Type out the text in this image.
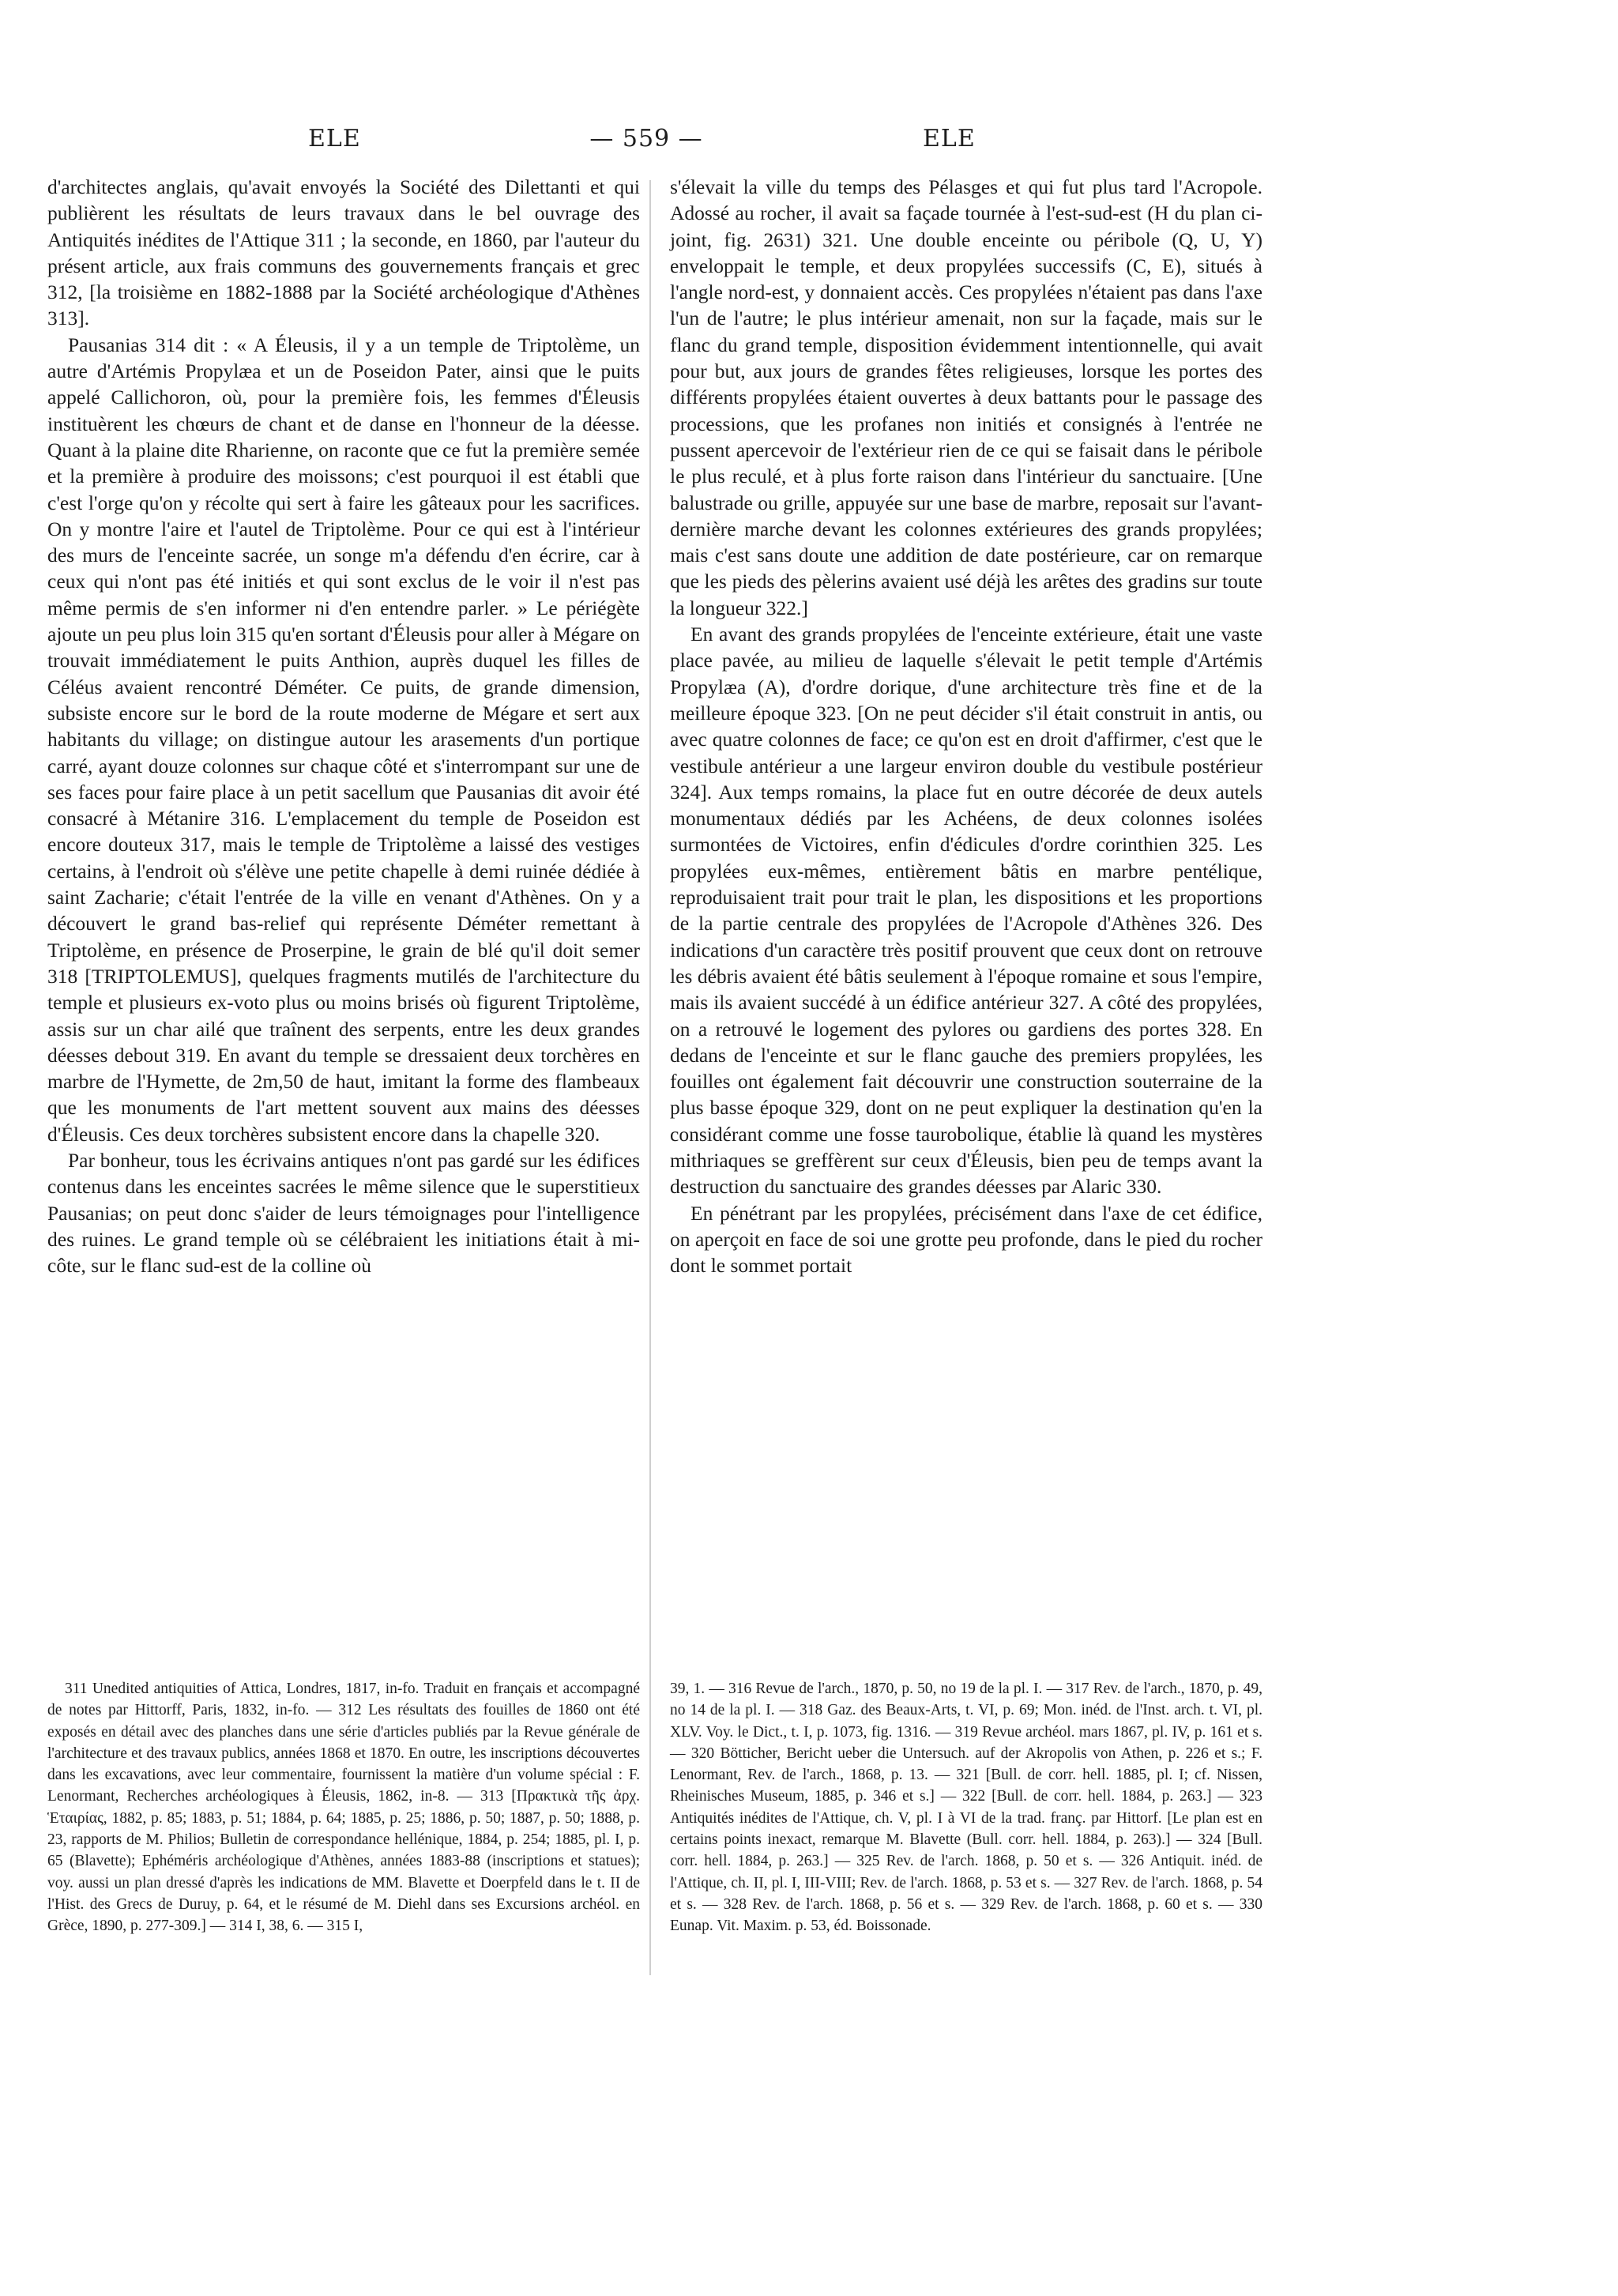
ELE	— 559 —	ELE

d'architectes anglais, qu'avait envoyés la Société des Dilettanti et qui publièrent les résultats de leurs travaux dans le bel ouvrage des Antiquités inédites de l'Attique 311 ; la seconde, en 1860, par l'auteur du présent article, aux frais communs des gouvernements français et grec 312, [la troisième en 1882-1888 par la Société archéologique d'Athènes 313].

Pausanias 314 dit : « A Éleusis, il y a un temple de Triptolème, un autre d'Artémis Propylæa et un de Poseidon Pater, ainsi que le puits appelé Callichoron, où, pour la première fois, les femmes d'Éleusis instituèrent les chœurs de chant et de danse en l'honneur de la déesse. Quant à la plaine dite Rharienne, on raconte que ce fut la première semée et la première à produire des moissons; c'est pourquoi il est établi que c'est l'orge qu'on y récolte qui sert à faire les gâteaux pour les sacrifices. On y montre l'aire et l'autel de Triptolème. Pour ce qui est à l'intérieur des murs de l'enceinte sacrée, un songe m'a défendu d'en écrire, car à ceux qui n'ont pas été initiés et qui sont exclus de le voir il n'est pas même permis de s'en informer ni d'en entendre parler. » Le périégète ajoute un peu plus loin 315 qu'en sortant d'Éleusis pour aller à Mégare on trouvait immédiatement le puits Anthion, auprès duquel les filles de Céléus avaient rencontré Déméter. Ce puits, de grande dimension, subsiste encore sur le bord de la route moderne de Mégare et sert aux habitants du village; on distingue autour les arasements d'un portique carré, ayant douze colonnes sur chaque côté et s'interrompant sur une de ses faces pour faire place à un petit sacellum que Pausanias dit avoir été consacré à Métanire 316. L'emplacement du temple de Poseidon est encore douteux 317, mais le temple de Triptolème a laissé des vestiges certains, à l'endroit où s'élève une petite chapelle à demi ruinée dédiée à saint Zacharie; c'était l'entrée de la ville en venant d'Athènes. On y a découvert le grand bas-relief qui représente Déméter remettant à Triptolème, en présence de Proserpine, le grain de blé qu'il doit semer 318 [TRIPTOLEMUS], quelques fragments mutilés de l'architecture du temple et plusieurs ex-voto plus ou moins brisés où figurent Triptolème, assis sur un char ailé que traînent des serpents, entre les deux grandes déesses debout 319. En avant du temple se dressaient deux torchères en marbre de l'Hymette, de 2m,50 de haut, imitant la forme des flambeaux que les monuments de l'art mettent souvent aux mains des déesses d'Éleusis. Ces deux torchères subsistent encore dans la chapelle 320.

Par bonheur, tous les écrivains antiques n'ont pas gardé sur les édifices contenus dans les enceintes sacrées le même silence que le superstitieux Pausanias; on peut donc s'aider de leurs témoignages pour l'intelligence des ruines. Le grand temple où se célébraient les initiations était à mi-côte, sur le flanc sud-est de la colline où

s'élevait la ville du temps des Pélasges et qui fut plus tard l'Acropole. Adossé au rocher, il avait sa façade tournée à l'est-sud-est (H du plan ci-joint, fig. 2631) 321. Une double enceinte ou péribole (Q, U, Y) enveloppait le temple, et deux propylées successifs (C, E), situés à l'angle nord-est, y donnaient accès. Ces propylées n'étaient pas dans l'axe l'un de l'autre; le plus intérieur amenait, non sur la façade, mais sur le flanc du grand temple, disposition évidemment intentionnelle, qui avait pour but, aux jours de grandes fêtes religieuses, lorsque les portes des différents propylées étaient ouvertes à deux battants pour le passage des processions, que les profanes non initiés et consignés à l'entrée ne pussent apercevoir de l'extérieur rien de ce qui se faisait dans le péribole le plus reculé, et à plus forte raison dans l'intérieur du sanctuaire. [Une balustrade ou grille, appuyée sur une base de marbre, reposait sur l'avant-dernière marche devant les colonnes extérieures des grands propylées; mais c'est sans doute une addition de date postérieure, car on remarque que les pieds des pèlerins avaient usé déjà les arêtes des gradins sur toute la longueur 322.]

En avant des grands propylées de l'enceinte extérieure, était une vaste place pavée, au milieu de laquelle s'élevait le petit temple d'Artémis Propylæa (A), d'ordre dorique, d'une architecture très fine et de la meilleure époque 323. [On ne peut décider s'il était construit in antis, ou avec quatre colonnes de face; ce qu'on est en droit d'affirmer, c'est que le vestibule antérieur a une largeur environ double du vestibule postérieur 324]. Aux temps romains, la place fut en outre décorée de deux autels monumentaux dédiés par les Achéens, de deux colonnes isolées surmontées de Victoires, enfin d'édicules d'ordre corinthien 325. Les propylées eux-mêmes, entièrement bâtis en marbre pentélique, reproduisaient trait pour trait le plan, les dispositions et les proportions de la partie centrale des propylées de l'Acropole d'Athènes 326. Des indications d'un caractère très positif prouvent que ceux dont on retrouve les débris avaient été bâtis seulement à l'époque romaine et sous l'empire, mais ils avaient succédé à un édifice antérieur 327. A côté des propylées, on a retrouvé le logement des pylores ou gardiens des portes 328. En dedans de l'enceinte et sur le flanc gauche des premiers propylées, les fouilles ont également fait découvrir une construction souterraine de la plus basse époque 329, dont on ne peut expliquer la destination qu'en la considérant comme une fosse taurobolique, établie là quand les mystères mithriaques se greffèrent sur ceux d'Éleusis, bien peu de temps avant la destruction du sanctuaire des grandes déesses par Alaric 330.

En pénétrant par les propylées, précisément dans l'axe de cet édifice, on aperçoit en face de soi une grotte peu profonde, dans le pied du rocher dont le sommet portait

311 Unedited antiquities of Attica, Londres, 1817, in-fo. Traduit en français et accompagné de notes par Hittorff, Paris, 1832, in-fo. — 312 Les résultats des fouilles de 1860 ont été exposés en détail avec des planches dans une série d'articles publiés par la Revue générale de l'architecture et des travaux publics, années 1868 et 1870. En outre, les inscriptions découvertes dans les excavations, avec leur commentaire, fournissent la matière d'un volume spécial : F. Lenormant, Recherches archéologiques à Éleusis, 1862, in-8. — 313 [Πρακτικὰ τῆς ἀρχ. Ἑταιρίας, 1882, p. 85; 1883, p. 51; 1884, p. 64; 1885, p. 25; 1886, p. 50; 1887, p. 50; 1888, p. 23, rapports de M. Philios; Bulletin de correspondance hellénique, 1884, p. 254; 1885, pl. I, p. 65 (Blavette); Ephéméris archéologique d'Athènes, années 1883-88 (inscriptions et statues); voy. aussi un plan dressé d'après les indications de MM. Blavette et Doerpfeld dans le t. II de l'Hist. des Grecs de Duruy, p. 64, et le résumé de M. Diehl dans ses Excursions archéol. en Grèce, 1890, p. 277-309.] — 314 I, 38, 6. — 315 I,

39, 1. — 316 Revue de l'arch., 1870, p. 50, no 19 de la pl. I. — 317 Rev. de l'arch., 1870, p. 49, no 14 de la pl. I. — 318 Gaz. des Beaux-Arts, t. VI, p. 69; Mon. inéd. de l'Inst. arch. t. VI, pl. XLV. Voy. le Dict., t. I, p. 1073, fig. 1316. — 319 Revue archéol. mars 1867, pl. IV, p. 161 et s. — 320 Bötticher, Bericht ueber die Untersuch. auf der Akropolis von Athen, p. 226 et s.; F. Lenormant, Rev. de l'arch., 1868, p. 13. — 321 [Bull. de corr. hell. 1885, pl. I; cf. Nissen, Rheinisches Museum, 1885, p. 346 et s.] — 322 [Bull. de corr. hell. 1884, p. 263.] — 323 Antiquités inédites de l'Attique, ch. V, pl. I à VI de la trad. franç. par Hittorf. [Le plan est en certains points inexact, remarque M. Blavette (Bull. corr. hell. 1884, p. 263).] — 324 [Bull. corr. hell. 1884, p. 263.] — 325 Rev. de l'arch. 1868, p. 50 et s. — 326 Antiquit. inéd. de l'Attique, ch. II, pl. I, III-VIII; Rev. de l'arch. 1868, p. 53 et s. — 327 Rev. de l'arch. 1868, p. 54 et s. — 328 Rev. de l'arch. 1868, p. 56 et s. — 329 Rev. de l'arch. 1868, p. 60 et s. — 330 Eunap. Vit. Maxim. p. 53, éd. Boissonade.
